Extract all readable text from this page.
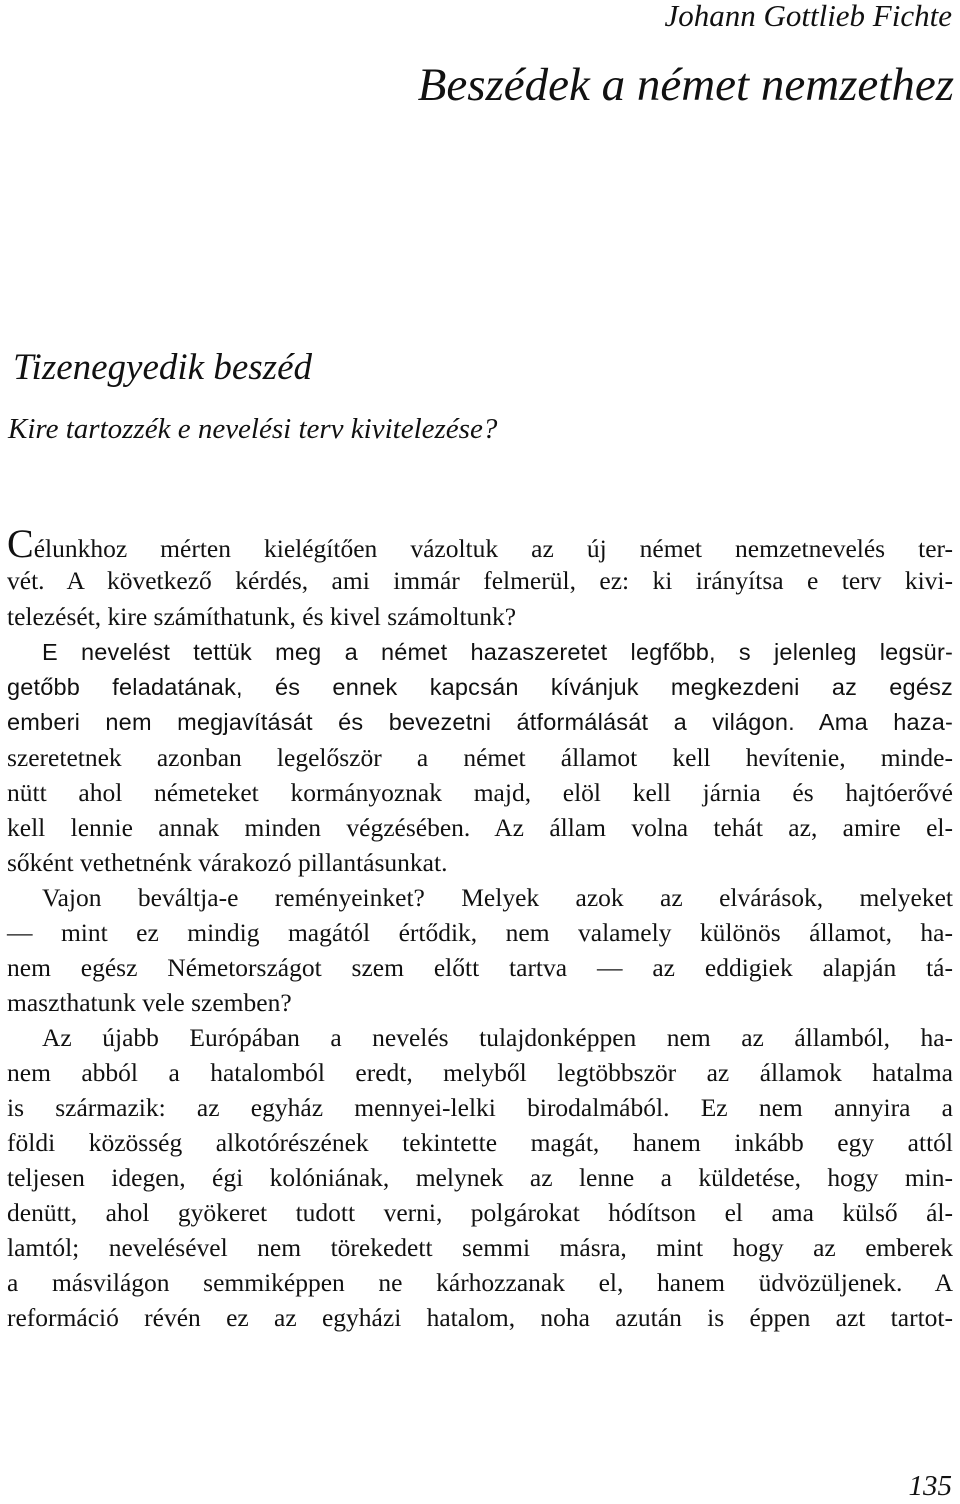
Johann Gottlieb Fichte
Beszédek a német nemzethez
Tizenegyedik beszéd
Kire tartozzék e nevelési terv kivitelezése?
Célunkhoz mérten kielégítően vázoltuk az új német nemzetnevelés ter-
vét. A következő kérdés, ami immár felmerül, ez: ki irányítsa e terv kivi-
telezését, kire számíthatunk, és kivel számoltunk?
E nevelést tettük meg a német hazaszeretet legfőbb, s jelenleg legsür-
getőbb feladatának, és ennek kapcsán kívánjuk megkezdeni az egész
emberi nem megjavítását és bevezetni átformálását a világon. Ama haza-
szeretetnek azonban legelőször a német államot kell hevítenie, minde-
nütt ahol németeket kormányoznak majd, elöl kell járnia és hajtóerővé
kell lennie annak minden végzésében. Az állam volna tehát az, amire el-
sőként vethetnénk várakozó pillantásunkat.
Vajon beváltja-e reményeinket? Melyek azok az elvárások, melyeket
— mint ez mindig magától értődik, nem valamely különös államot, ha-
nem egész Németországot szem előtt tartva — az eddigiek alapján tá-
maszthatunk vele szemben?
Az újabb Európában a nevelés tulajdonképpen nem az államból, ha-
nem abból a hatalomból eredt, melyből legtöbbször az államok hatalma
is származik: az egyház mennyei-lelki birodalmából. Ez nem annyira a
földi közösség alkotórészének tekintette magát, hanem inkább egy attól
teljesen idegen, égi kolóniának, melynek az lenne a küldetése, hogy min-
denütt, ahol gyökeret tudott verni, polgárokat hódítson el ama külső ál-
lamtól; nevelésével nem törekedett semmi másra, mint hogy az emberek
a másvilágon semmiképpen ne kárhozzanak el, hanem üdvözüljenek. A
reformáció révén ez az egyházi hatalom, noha azután is éppen azt tartot-
135
